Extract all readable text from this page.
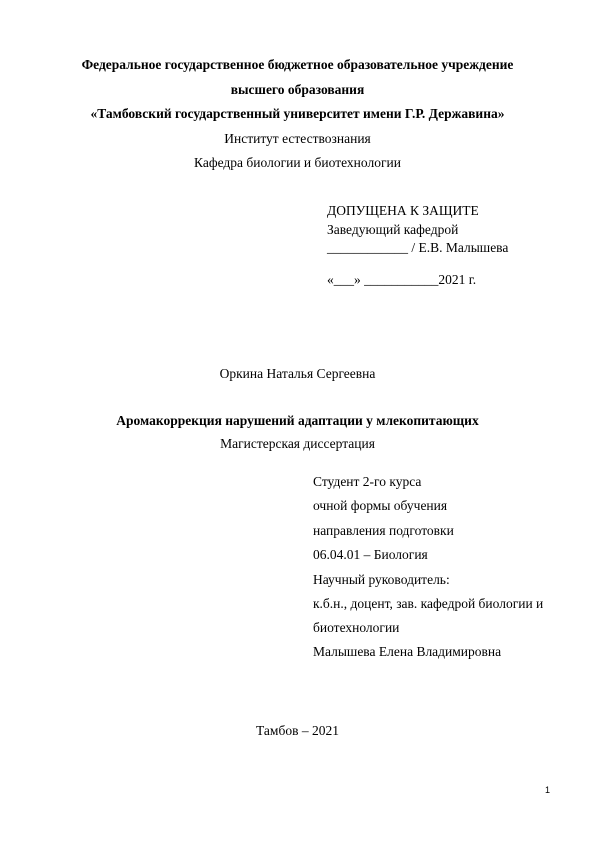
Федеральное государственное бюджетное образовательное учреждение
высшего образования
«Тамбовский государственный университет имени Г.Р. Державина»
Институт естествознания
Кафедра биологии и биотехнологии
ДОПУЩЕНА К ЗАЩИТЕ
Заведующий кафедрой
____________ / Е.В. Малышева
«___» ___________2021 г.
Оркина Наталья Сергеевна
Аромакоррекция нарушений адаптации у млекопитающих
Магистерская диссертация
Студент 2-го курса
очной формы обучения
направления подготовки
06.04.01 – Биология
Научный руководитель:
к.б.н., доцент, зав. кафедрой биологии и
биотехнологии
Малышева Елена Владимировна
Тамбов – 2021
1
